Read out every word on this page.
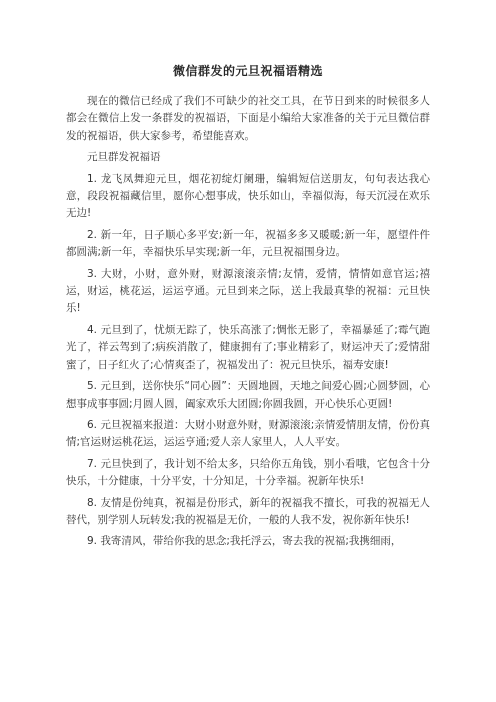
微信群发的元旦祝福语精选

现在的微信已经成了我们不可缺少的社交工具，在节日到来的时候很多人都会在微信上发一条群发的祝福语，下面是小编给大家准备的关于元旦微信群发的祝福语，供大家参考，希望能喜欢。

元旦群发祝福语

1. 龙飞凤舞迎元旦，烟花初绽灯阑珊，编辑短信送朋友，句句表达我心意，段段祝福藏信里，愿你心想事成，快乐如山，幸福似海，每天沉浸在欢乐无边!

2. 新一年，日子顺心多平安;新一年，祝福多多又暖暖;新一年，愿望件件都圆满;新一年，幸福快乐早实现;新一年，元旦祝福围身边。

3. 大财，小财，意外财，财源滚滚亲情;友情，爱情，情情如意官运;禧运，财运，桃花运，运运亨通。元旦到来之际，送上我最真挚的祝福：元旦快乐!

4. 元旦到了，忧烦无踪了，快乐高涨了;惆怅无影了，幸福暴延了;霉气跑光了，祥云驾到了;病疾消散了，健康拥有了;事业精彩了，财运冲天了;爱情甜蜜了，日子红火了;心情爽歪了，祝福发出了：祝元旦快乐，福寿安康!

5. 元旦到，送你快乐“同心圆”：天圆地圆，天地之间爱心圆;心圆梦圆，心想事成事事圆;月圆人圆，阖家欢乐大团圆;你圆我圆，开心快乐心更圆!

6. 元旦祝福来报道：大财小财意外财，财源滚滚;亲情爱情朋友情，份份真情;官运财运桃花运，运运亨通;爱人亲人家里人，人人平安。

7. 元旦快到了，我计划不给太多，只给你五角钱，别小看哦，它包含十分快乐，十分健康，十分平安，十分知足，十分幸福。祝新年快乐!

8. 友情是份纯真，祝福是份形式，新年的祝福我不擅长，可我的祝福无人替代，别学别人玩转发;我的祝福是无价，一般的人我不发，祝你新年快乐!

9. 我寄清风，带给你我的思念;我托浮云，寄去我的祝福;我携细雨，
